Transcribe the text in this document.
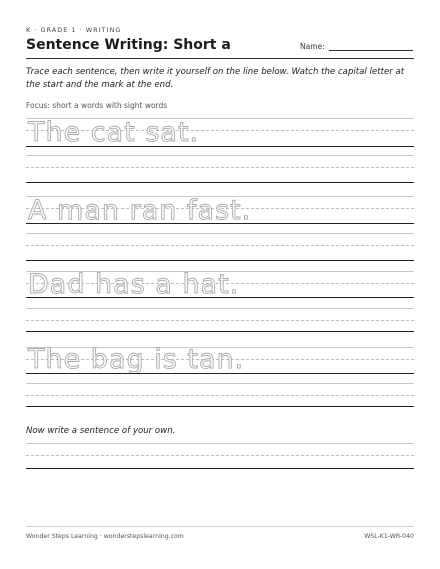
K · GRADE 1 · WRITING
Sentence Writing: Short a	Name:
Trace each sentence, then write it yourself on the line below. Watch the capital letter at the start and the mark at the end.
Focus: short a words with sight words
The cat sat.
A man ran fast.
Dad has a hat.
The bag is tan.
Now write a sentence of your own.
Wonder Steps Learning · wonderstepslearning.com	WSL-K1-WR-040
